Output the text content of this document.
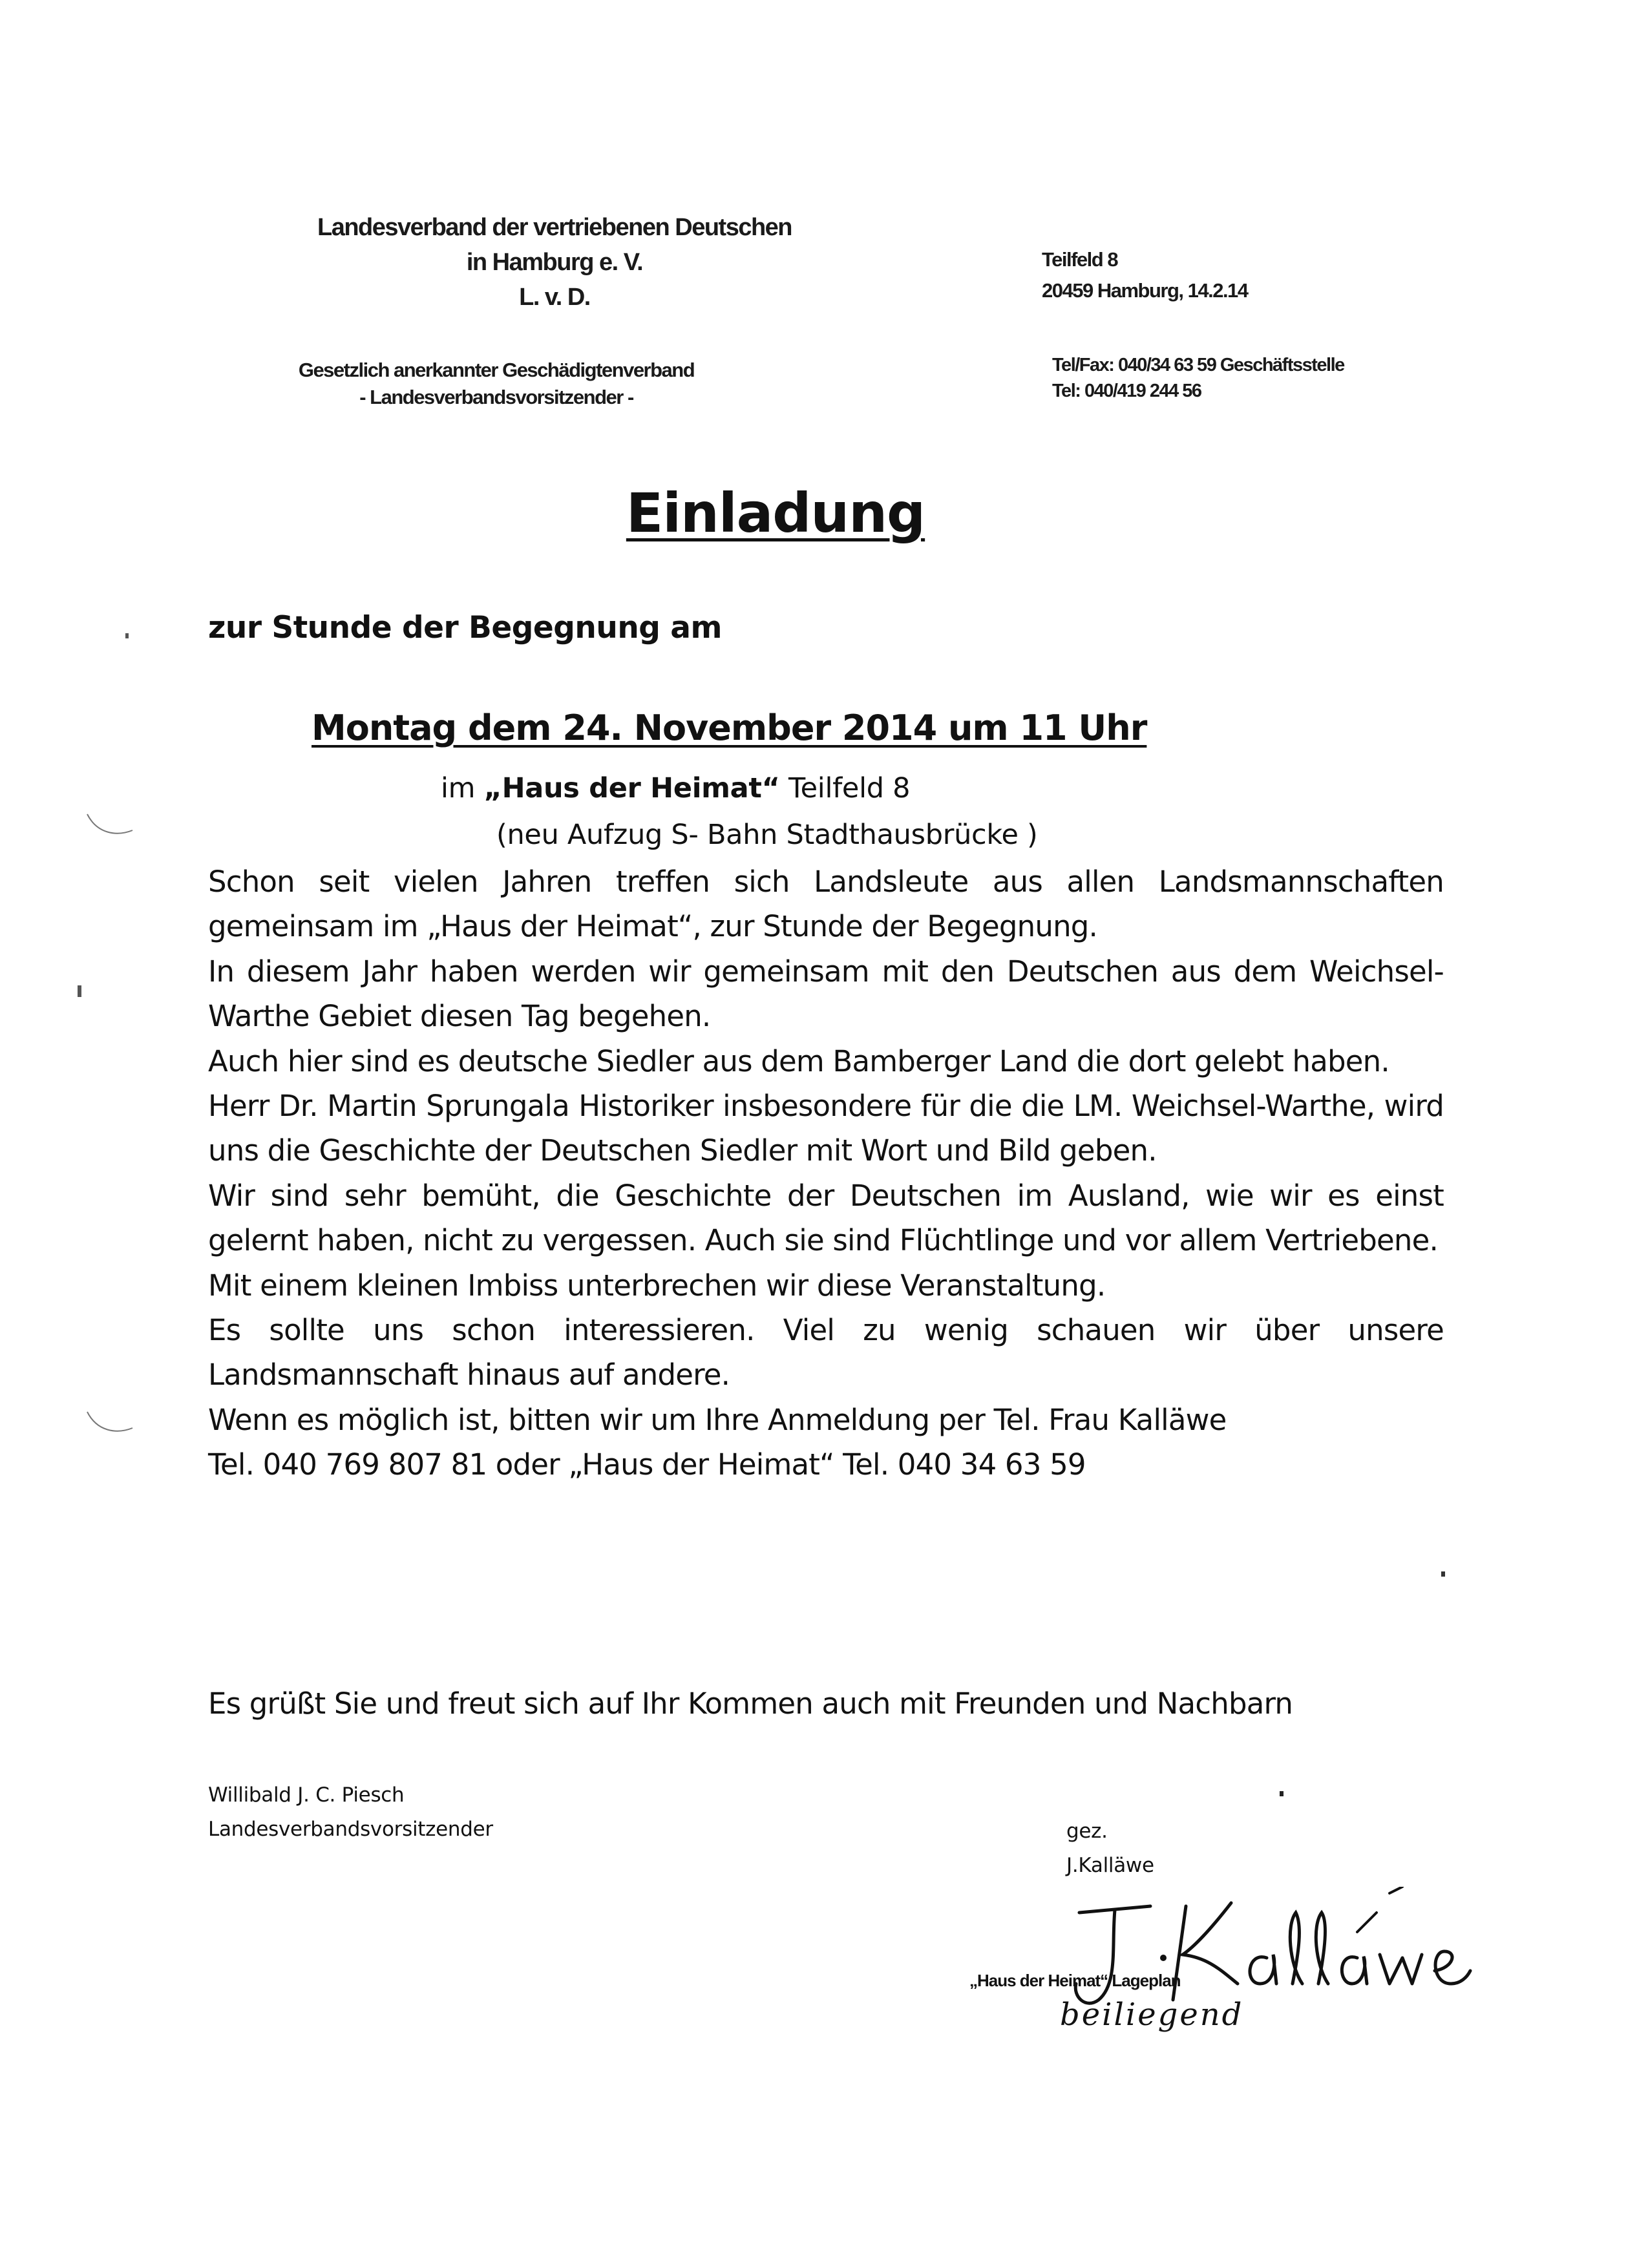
Landesverband der vertriebenen Deutschen
in Hamburg e. V.
L. v. D.
Gesetzlich anerkannter Geschädigtenverband
- Landesverbandsvorsitzender -
Teilfeld 8
20459 Hamburg, 14.2.14
Tel/Fax: 040/34 63 59 Geschäftsstelle
Tel: 040/419 244 56
Einladung
zur Stunde der Begegnung am
Montag dem 24. November 2014 um 11 Uhr
im „Haus der Heimat“ Teilfeld 8
(neu Aufzug S- Bahn Stadthausbrücke )

Schon seit vielen Jahren treffen sich Landsleute aus allen Landsmannschaften gemeinsam im „Haus der Heimat“, zur Stunde der Begegnung.

In diesem Jahr haben werden wir gemeinsam mit den Deutschen aus dem Weichsel-Warthe Gebiet diesen Tag begehen.

Auch hier sind es deutsche Siedler aus dem Bamberger Land die dort gelebt haben.

Herr Dr. Martin Sprungala Historiker insbesondere für die die LM. Weichsel-Warthe, wird uns die Geschichte der Deutschen Siedler mit Wort und Bild geben.

Wir sind sehr bemüht, die Geschichte der Deutschen im Ausland, wie wir es einst gelernt haben, nicht zu vergessen. Auch sie sind Flüchtlinge und vor allem Vertriebene.

Mit einem kleinen Imbiss unterbrechen wir diese Veranstaltung.

Es sollte uns schon interessieren. Viel zu wenig schauen wir über unsere Landsmannschaft hinaus auf andere.

Wenn es möglich ist, bitten wir um Ihre Anmeldung per Tel. Frau Kalläwe

Tel. 040 769 807 81 oder „Haus der Heimat“ Tel. 040 34 63 59

Es grüßt Sie und freut sich auf Ihr Kommen auch mit Freunden und Nachbarn
Willibald J. C. Piesch
Landesverbandsvorsitzender	gez.
J.Kalläwe
„Haus der Heimat“ Lageplan
beiliegend
